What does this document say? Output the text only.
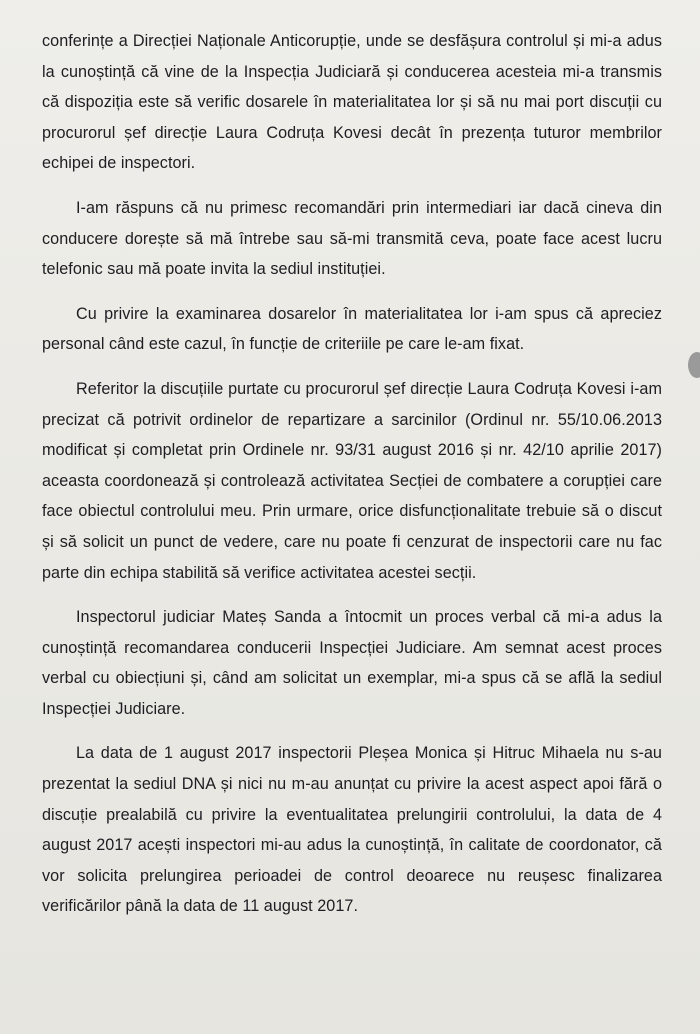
conferințe a Direcției Naționale Anticorupție, unde se desfășura controlul și mi-a adus la cunoștință că vine de la Inspecția Judiciară și conducerea acesteia mi-a transmis că dispoziția este să verific dosarele în materialitatea lor și să nu mai port discuții cu procurorul șef direcție Laura Codruța Kovesi decât în prezența tuturor membrilor echipei de inspectori.

I-am răspuns că nu primesc recomandări prin intermediari iar dacă cineva din conducere dorește să mă întrebe sau să-mi transmită ceva, poate face acest lucru telefonic sau mă poate invita la sediul instituției.

Cu privire la examinarea dosarelor în materialitatea lor i-am spus că apreciez personal când este cazul, în funcție de criteriile pe care le-am fixat.

Referitor la discuțiile purtate cu procurorul șef direcție Laura Codruța Kovesi i-am precizat că potrivit ordinelor de repartizare a sarcinilor (Ordinul nr. 55/10.06.2013 modificat și completat prin Ordinele nr. 93/31 august 2016 și nr. 42/10 aprilie 2017) aceasta coordonează și controlează activitatea Secției de combatere a corupției care face obiectul controlului meu. Prin urmare, orice disfuncționalitate trebuie să o discut și să solicit un punct de vedere, care nu poate fi cenzurat de inspectorii care nu fac parte din echipa stabilită să verifice activitatea acestei secții.

Inspectorul judiciar Mateș Sanda a întocmit un proces verbal că mi-a adus la cunoștință recomandarea conducerii Inspecției Judiciare. Am semnat acest proces verbal cu obiecțiuni și, când am solicitat un exemplar, mi-a spus că se află la sediul Inspecției Judiciare.

La data de 1 august 2017 inspectorii Pleșea Monica și Hitruc Mihaela nu s-au prezentat la sediul DNA și nici nu m-au anunțat cu privire la acest aspect apoi fără o discuție prealabilă cu privire la eventualitatea prelungirii controlului, la data de 4 august 2017 acești inspectori mi-au adus la cunoștință, în calitate de coordonator, că vor solicita prelungirea perioadei de control deoarece nu reușesc finalizarea verificărilor până la data de 11 august 2017.
